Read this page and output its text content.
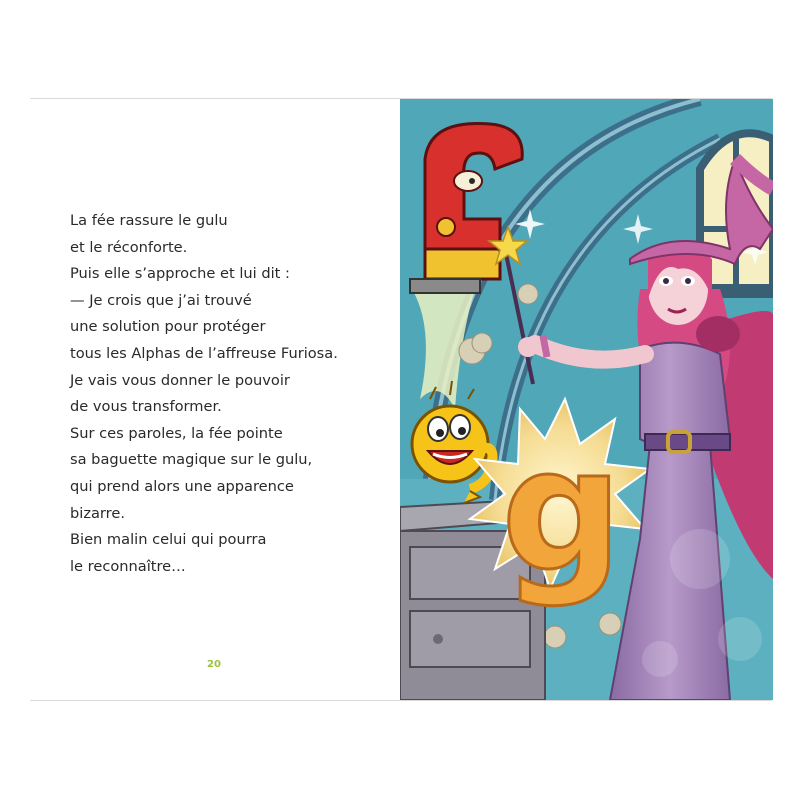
La fée rassure le gulu
et le réconforte.
Puis elle s’approche et lui dit :
— Je crois que j’ai trouvé
une solution pour protéger
tous les Alphas de l’affreuse Furiosa.
Je vais vous donner le pouvoir
de vous transformer.
Sur ces paroles, la fée pointe
sa baguette magique sur le gulu,
qui prend alors une apparence
bizarre.
Bien malin celui qui pourra
le reconnaître…
20
g
